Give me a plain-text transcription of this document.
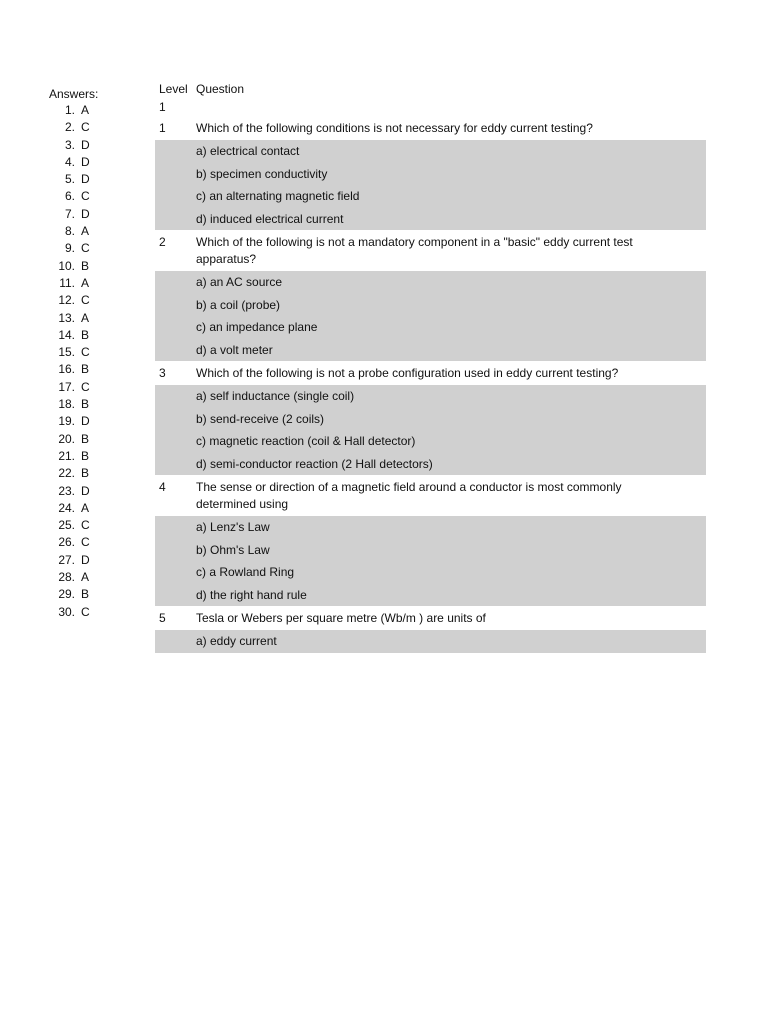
Answers:
1. A
2. C
3. D
4. D
5. D
6. C
7. D
8. A
9. C
10. B
11. A
12. C
13. A
14. B
15. C
16. B
17. C
18. B
19. D
20. B
21. B
22. B
23. D
24. A
25. C
26. C
27. D
28. A
29. B
30. C
Level Question
1
1	Which of the following conditions is not necessary for eddy current testing?
a) electrical contact
b) specimen conductivity
c) an alternating magnetic field
d) induced electrical current
2	Which of the following is not a mandatory component in a "basic" eddy current test apparatus?
a) an AC source
b) a coil (probe)
c) an impedance plane
d) a volt meter
3	Which of the following is not a probe configuration used in eddy current testing?
a) self inductance (single coil)
b) send-receive (2 coils)
c) magnetic reaction (coil & Hall detector)
d) semi-conductor reaction (2 Hall detectors)
4	The sense or direction of a magnetic field around a conductor is most commonly determined using
a) Lenz's Law
b) Ohm's Law
c) a Rowland Ring
d) the right hand rule
5	Tesla or Webers per square metre (Wb/m ) are units of
a) eddy current
